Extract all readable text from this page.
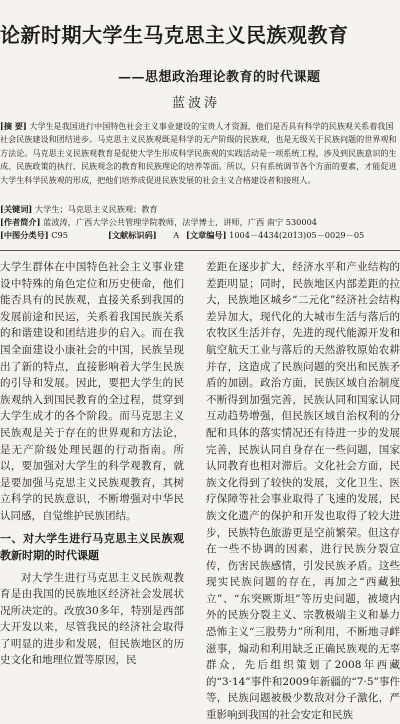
论新时期大学生马克思主义民族观教育
——思想政治理论教育的时代课题
蓝波涛

[摘 要] 大学生是我国进行中国特色社会主义事业建设的宝贵人才资源，他们是否具有科学的民族观关系着我国社会民族建设和团结进步。马克思主义民族观既是科学的无产阶级的民族观，也是无级关于民族问题的世界观和方法论。马克思主义民族观教育是促使大学生形成科学民族观的实践活动是一项系统工程，涉及到民族意识的生成、民族政策的执行、民族观念的教育和民族理论的培养等面。所以，只有系统调节各个方面的要素，才能促进大学生科学民族观的形成，把他们培养成促进民族发展的社会主义合格建设者和接班人。

[关键词] 大学生；马克思主义民族观；教育
[作者简介] 蓝波涛，广西大学公共管理学院教师，法学博士，讲师，广西 南宁 530004
[中图分类号] C95	[文献标识码] A [文章编号] 1004－4434(2013)05－0029－05

大学生群体在中国特色社会主义事业建设中特殊的角色定位和历史使命，他们能否具有的民族观，直接关系到我国的发展前途和民运，关系着我国民族关系的和谐建设和团结进步的启入。而在我国全面建设小康社会的中国，民族呈现出了新的特点，直接影响着大学生民族的引导和发展。因此，要把大学生的民族观纳入到国民教育的全过程，贯穿到大学生成才的各个阶段。而马克思主义民族观是关于存在的世界观和方法论，是无产阶级处理民题的行动指南。所以，要加强对大学生的科学观教育，就是要加强马克思主义民族观教育，其树立科学的民族意识，不断增强对中华民认同感，自觉维护民族团结。

一、对大学生进行马克思主义民族观教新时期的时代课题

对大学生进行马克思主义民族观教育是由我国的民族地区经济社会发展状况所决定的。改放30多年，特别是西部大开发以来，尽管我民的经济社会取得了明显的进步和发展，但民族地区的历史文化和地理位置等原因，民

差距在逐步扩大，经济水平和产业结构的差距明显；同时，民族地区内部差距的拉大，民族地区城乡“二元化”经济社会结构差异加大，现代化的大城市生活与落后的农牧区生活并存，先进的现代能源开发和航空航天工业与落后的天然游牧原始农耕并存，这造成了民族问题的突出和民族矛盾的加剧。政治方面，民族区域自治制度不断得到加强完善，民族认同和国家认同互动趋势增强，但民族区域自治权利的分配和具体的落实情况还有待进一步的发展完善，民族认同自身存在一些问题，国家认同教育也相对滞后。文化社会方面，民族文化得到了较快的发展，文化卫生、医疗保障等社会事业取得了飞速的发展，民族文化遗产的保护和开发也取得了较大进步，民族特色旅游更是空前繁荣。但这存在一些不协调的因素，进行民族分裂宣传，伤害民族感情，引发民族矛盾。这些现实民族问题的存在，再加之“西藏独立”、“东突厥斯坦”等历史问题，被境内外的民族分裂主义、宗教极端主义和暴力恐怖主义“三股势力”所利用，不断地寻衅滋事，煽动和利用缺乏正确民族观的无辜群众，先后组织策划了2008年西藏的“3·14”事件和2009年新疆的“7·5”事件等，民族问题被极少数敌对分子激化，严重影响到我国的社会安定和民族
